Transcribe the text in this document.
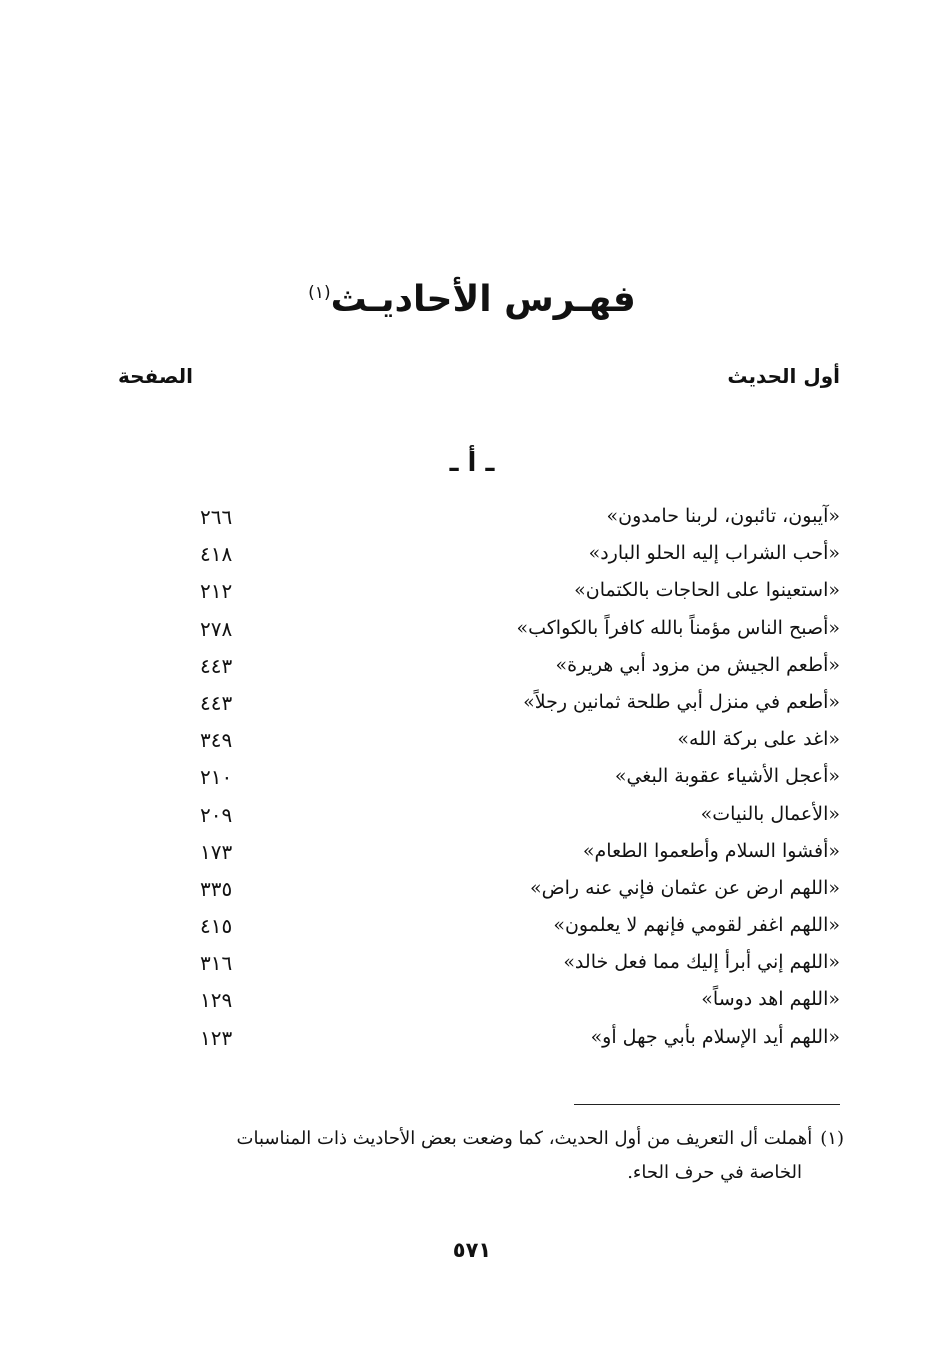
فهـرس الأحاديـث$^{(١)}$
أول الحديث
الصفحة
ـ أ ـ
«آيبون، تائبون، لربنا حامدون»
٢٦٦
«أحب الشراب إليه الحلو البارد»
٤١٨
«استعينوا على الحاجات بالكتمان»
٢١٢
«أصبح الناس مؤمناً بالله كافراً بالكواكب»
٢٧٨
«أطعم الجيش من مزود أبي هريرة»
٤٤٣
«أطعم في منزل أبي طلحة ثمانين رجلاً»
٤٤٣
«اغد على بركة الله»
٣٤٩
«أعجل الأشياء عقوبة البغي»
٢١٠
«الأعمال بالنيات»
٢٠٩
«أفشوا السلام وأطعموا الطعام»
١٧٣
«اللهم ارض عن عثمان فإني عنه راض»
٣٣٥
«اللهم اغفر لقومي فإنهم لا يعلمون»
٤١٥
«اللهم إني أبرأ إليك مما فعل خالد»
٣١٦
«اللهم اهد دوساً»
١٢٩
«اللهم أيد الإسلام بأبي جهل أو»
١٢٣
(١)أهملت أل التعريف من أول الحديث، كما وضعت بعض الأحاديث ذات المناسبات
الخاصة في حرف الحاء.
٥٧١
